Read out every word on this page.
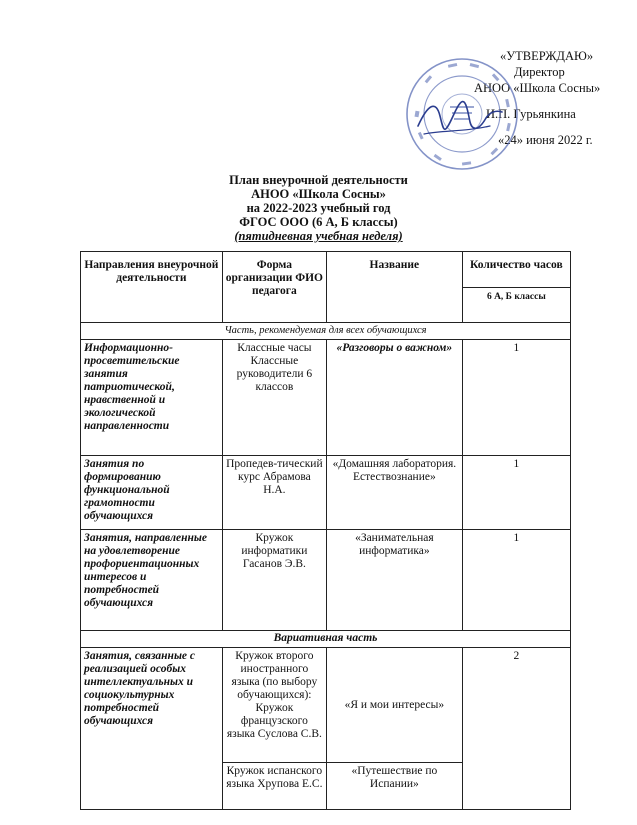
«УТВЕРЖДАЮ»
Директор
АНОО «Школа Сосны»
И.П. Гурьянкина
«24» июня 2022 г.
План внеурочной деятельности
АНОО «Школа Сосны»
на 2022-2023 учебный год
ФГОС ООО (6 А, Б классы)
(пятидневная учебная неделя)
Направления внеурочной деятельности	Форма организации ФИО педагога	Название	Количество часов
			6 А, Б классы
Часть, рекомендуемая для всех обучающихся			
Информационно-просветительские занятия патриотической, нравственной и экологической направленности	Классные часы Классные руководители 6 классов	«Разговоры о важном»	1
Занятия по формированию функциональной грамотности обучающихся	Пропедев-тический курс Абрамова Н.А.	«Домашняя лаборатория. Естествознание»	1
Занятия, направленные на удовлетворение профориентационных интересов и потребностей обучающихся	Кружок информатики Гасанов Э.В.	«Занимательная информатика»	1
Вариативная часть			
Занятия, связанные с реализацией особых интеллектуальных и социокультурных потребностей обучающихся	Кружок второго иностранного языка (по выбору обучающихся): Кружок французского языка Суслова С.В.	«Я и мои интересы»	2
	Кружок испанского языка Хрупова Е.С.	«Путешествие по Испании»	
